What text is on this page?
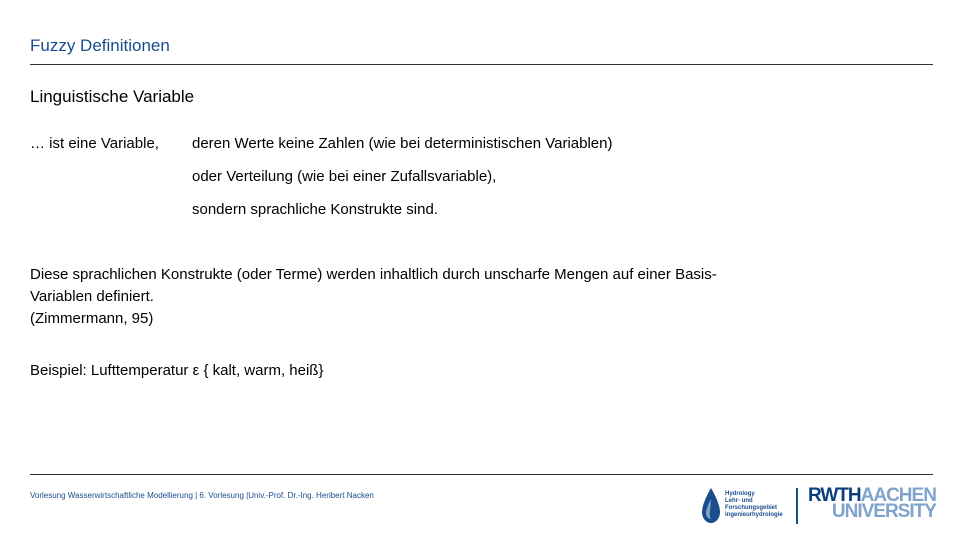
Fuzzy Definitionen
Linguistische Variable
… ist eine Variable, deren Werte keine Zahlen (wie bei deterministischen Variablen)
oder Verteilung (wie bei einer Zufallsvariable),
sondern sprachliche Konstrukte sind.
Diese sprachlichen Konstrukte (oder Terme) werden inhaltlich durch unscharfe Mengen auf einer Basis-
Variablen definiert.
(Zimmermann, 95)
Beispiel: Lufttemperatur ε { kalt, warm, heiß}
Vorlesung Wasserwirtschaftliche Modellierung | 6. Vorlesung |Univ.-Prof. Dr.-Ing. Heribert Nacken	Hydrology
Lehr- und
Forschungsgebiet
Ingenieurhydrologie
RWTHAACHEN
UNIVERSITY
